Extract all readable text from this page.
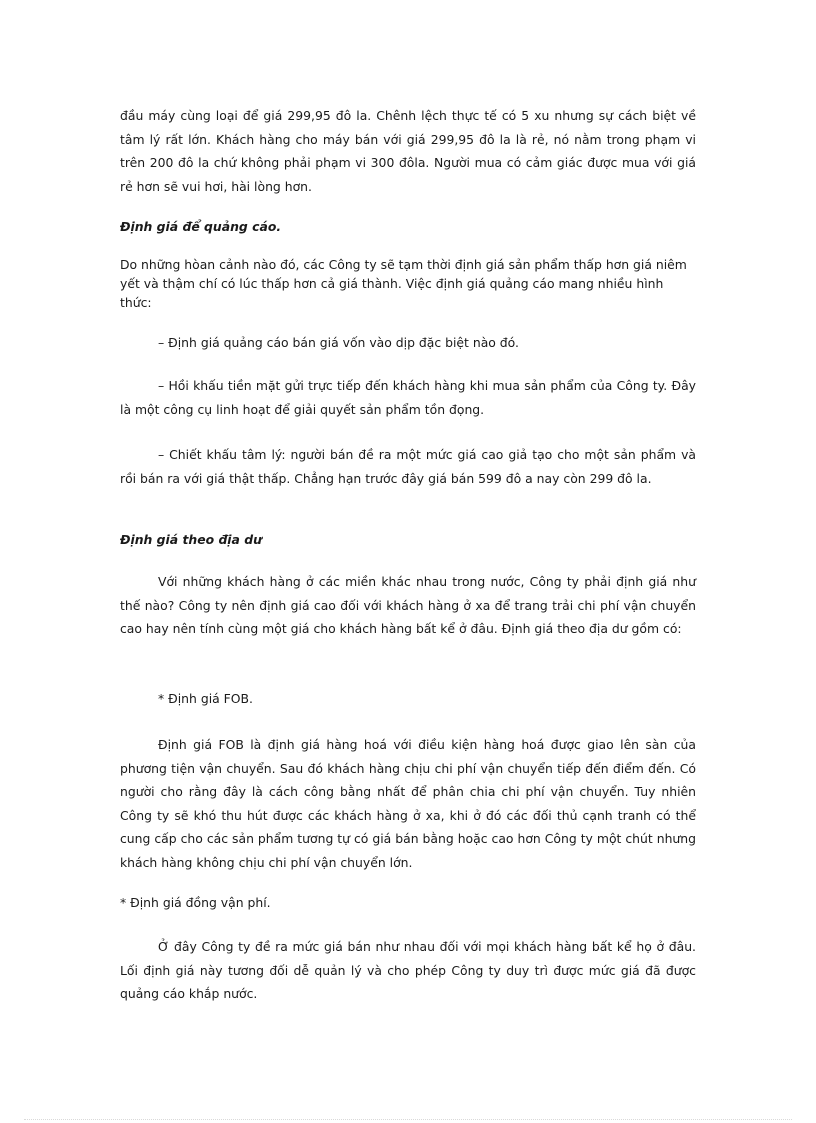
đầu máy cùng loại để giá 299,95 đô la. Chênh lệch thực tế có 5 xu nhưng sự cách biệt về tâm lý rất lớn. Khách hàng cho máy bán với giá 299,95 đô la là rẻ, nó nằm trong phạm vi trên 200 đô la chứ không phải phạm vi 300 đôla. Người mua có cảm giác được mua với giá rẻ hơn sẽ vui hơi, hài lòng hơn.

Định giá để quảng cáo.

Do những hòan cảnh nào đó, các Công ty sẽ tạm thời định giá sản phẩm thấp hơn giá niêm yết và thậm chí có lúc thấp hơn cả giá thành. Việc định giá quảng cáo mang nhiều hình thức:

– Định giá quảng cáo bán giá vốn vào dịp đặc biệt nào đó.

– Hồi khấu tiền mặt gửi trực tiếp đến khách hàng khi mua sản phẩm của Công ty. Đây là một công cụ linh hoạt để giải quyết sản phẩm tồn đọng.

– Chiết khấu tâm lý: người bán đề ra một mức giá cao giả tạo cho một sản phẩm và rồi bán ra với giá thật thấp. Chẳng hạn trước đây giá bán 599 đô a nay còn 299 đô la.

Định giá theo địa dư

Với những khách hàng ở các miền khác nhau trong nước, Công ty phải định giá như thế nào? Công ty nên định giá cao đối với khách hàng ở xa để trang trải chi phí vận chuyển cao hay nên tính cùng một giá cho khách hàng bất kể ở đâu. Định giá theo địa dư gồm có:

* Định giá FOB.

Định giá FOB là định giá hàng hoá với điều kiện hàng hoá được giao lên sàn của phương tiện vận chuyển. Sau đó khách hàng chịu chi phí vận chuyển tiếp đến điểm đến. Có người cho rằng đây là cách công bằng nhất để phân chia chi phí vận chuyển. Tuy nhiên Công ty sẽ khó thu hút được các khách hàng ở xa, khi ở đó các đối thủ cạnh tranh có thể cung cấp cho các sản phẩm tương tự có giá bán bằng hoặc cao hơn Công ty một chút nhưng khách hàng không chịu chi phí vận chuyển lớn.

* Định giá đồng vận phí.

Ở đây Công ty đề ra mức giá bán như nhau đối với mọi khách hàng bất kể họ ở đâu. Lối định giá này tương đối dễ quản lý và cho phép Công ty duy trì được mức giá đã được quảng cáo khắp nước.
